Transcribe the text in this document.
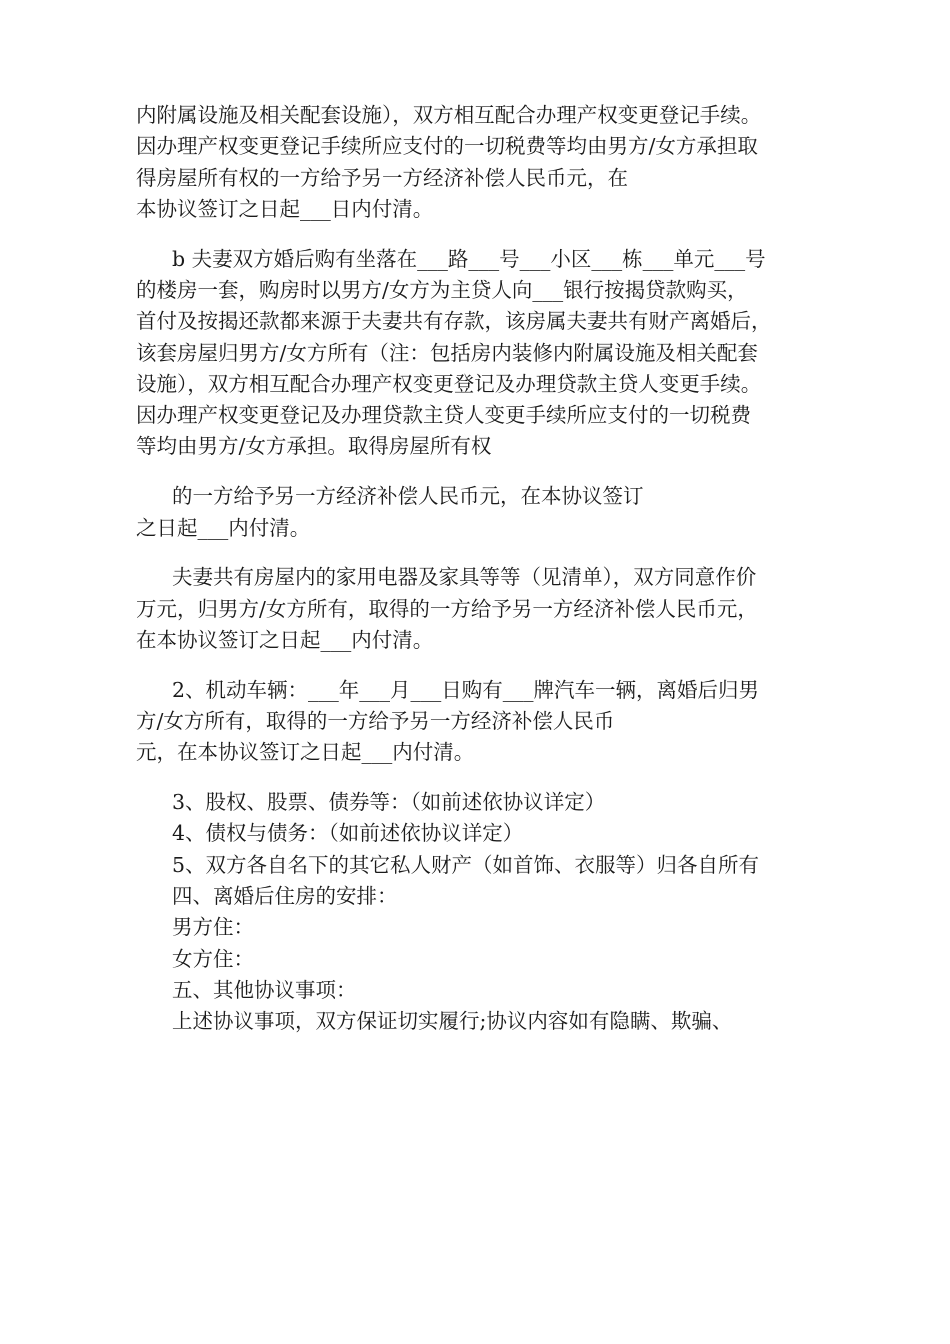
内附属设施及相关配套设施），双方相互配合办理产权变更登记手续。
因办理产权变更登记手续所应支付的一切税费等均由男方/女方承担取
得房屋所有权的一方给予另一方经济补偿人民币元，在
本协议签订之日起___日内付清。

b 夫妻双方婚后购有坐落在___路___号___小区___栋___单元___号
的楼房一套，购房时以男方/女方为主贷人向___银行按揭贷款购买，
首付及按揭还款都来源于夫妻共有存款，该房属夫妻共有财产离婚后，
该套房屋归男方/女方所有（注：包括房内装修内附属设施及相关配套
设施），双方相互配合办理产权变更登记及办理贷款主贷人变更手续。
因办理产权变更登记及办理贷款主贷人变更手续所应支付的一切税费
等均由男方/女方承担。取得房屋所有权

的一方给予另一方经济补偿人民币元，在本协议签订
之日起___内付清。

夫妻共有房屋内的家用电器及家具等等（见清单），双方同意作价
万元，归男方/女方所有，取得的一方给予另一方经济补偿人民币元，
在本协议签订之日起___内付清。

2、机动车辆：___年___月___日购有___牌汽车一辆，离婚后归男
方/女方所有，取得的一方给予另一方经济补偿人民币
元，在本协议签订之日起___内付清。

3、股权、股票、债券等：（如前述依协议详定）

4、债权与债务：（如前述依协议详定）

5、双方各自名下的其它私人财产（如首饰、衣服等）归各自所有

四、离婚后住房的安排：

男方住：

女方住：

五、其他协议事项：

上述协议事项，双方保证切实履行;协议内容如有隐瞒、欺骗、
